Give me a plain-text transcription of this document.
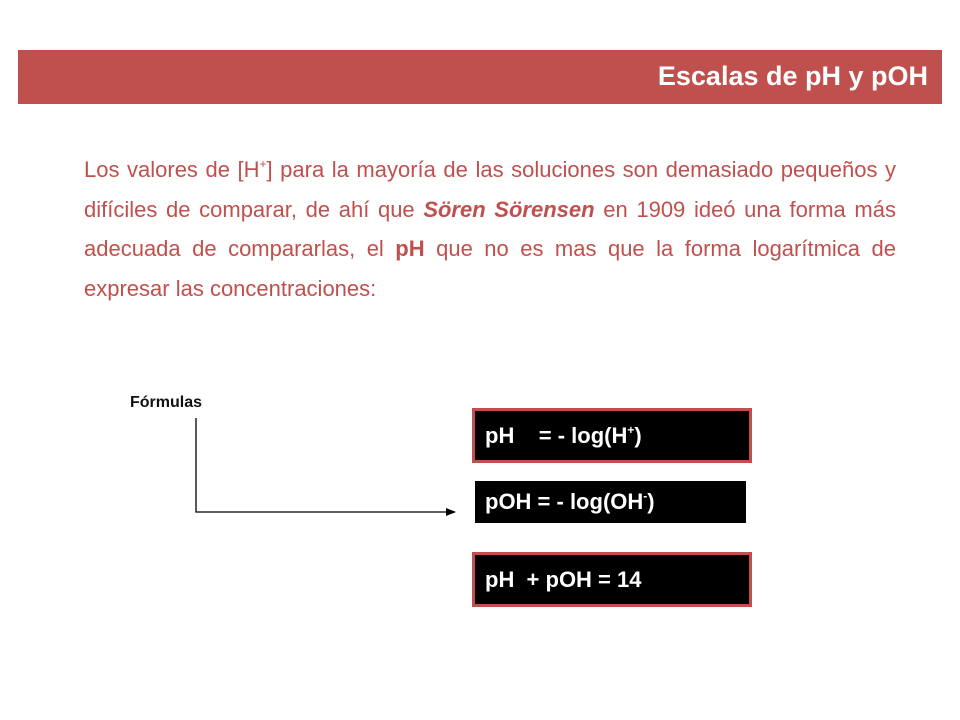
Escalas de pH y pOH

Los valores de [H+] para la mayoría de las soluciones son demasiado pequeños y difíciles de comparar, de ahí que Sören Sörensen en 1909 ideó una forma más adecuada de compararlas, el pH que no es mas que la forma logarítmica de expresar las concentraciones:

Fórmulas
pH    = - log(H+)
pOH = - log(OH-)
pH  + pOH = 14
